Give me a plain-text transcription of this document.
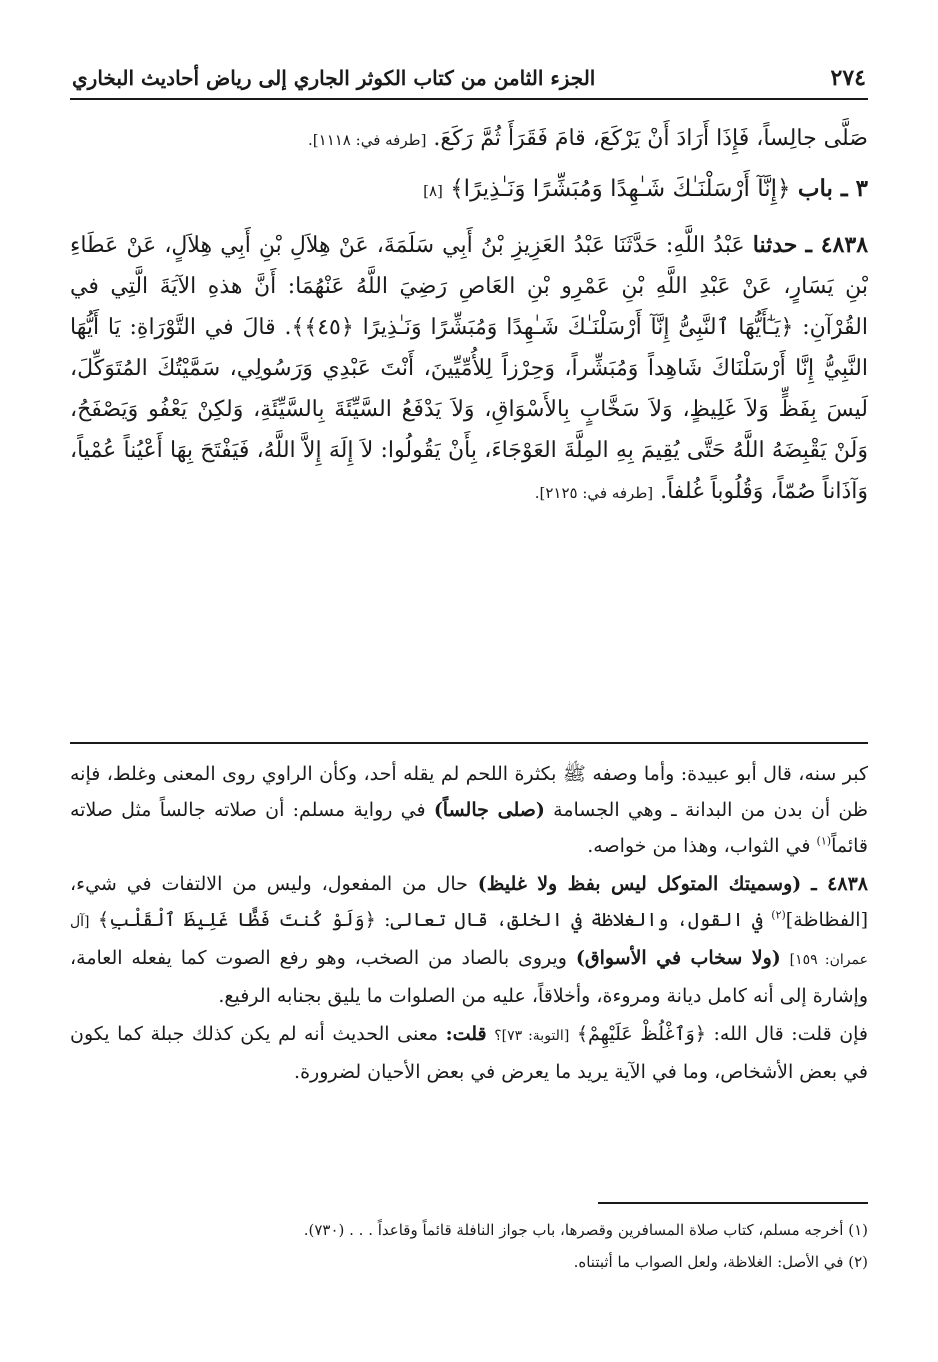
٢٧٤
الجزء الثامن من كتاب الكوثر الجاري إلى رياض أحاديث البخاري

صَلَّى جالِساً، فَإِذَا أَرَادَ أَنْ يَرْكَعَ، قامَ فَقَرَأَ ثُمَّ رَكَعَ. [طرفه في: ١١١٨].

٣ ـ باب ﴿إِنَّآ أَرْسَلْنَـٰكَ شَـٰهِدًا وَمُبَشِّرًا وَنَـٰذِيرًا﴾ [٨]

٤٨٣٨ ـ حدثنا عَبْدُ اللَّهِ: حَدَّثَنَا عَبْدُ العَزِيزِ بْنُ أَبِي سَلَمَةَ، عَنْ هِلاَلِ بْنِ أَبِي هِلاَلٍ، عَنْ عَطَاءِ بْنِ يَسَارٍ، عَنْ عَبْدِ اللَّهِ بْنِ عَمْرِو بْنِ العَاصِ رَضِيَ اللَّهُ عَنْهُمَا: أَنَّ هذهِ الآيَةَ الَّتِي في القُرْآنِ: ﴿يَـٰٓأَيُّهَا ٱلنَّبِىُّ إِنَّآ أَرْسَلْنَـٰكَ شَـٰهِدًا وَمُبَشِّرًا وَنَـٰذِيرًا ﴿٤٥﴾﴾. قالَ في التَّوْرَاةِ: يَا أَيُّهَا النَّبِيُّ إِنَّا أَرْسَلْنَاكَ شَاهِداً وَمُبَشِّراً، وَحِرْزاً لِلأُمِّيِّينَ، أَنْتَ عَبْدِي وَرَسُولِي، سَمَّيْتُكَ المُتَوَكِّلَ، لَيسَ بِفَظٍّ وَلاَ غَلِيظٍ، وَلاَ سَخَّابٍ بِالأَسْوَاقِ، وَلاَ يَدْفَعُ السَّيِّئَةَ بِالسَّيِّئَةِ، وَلكِنْ يَعْفُو وَيَصْفَحُ، وَلَنْ يَقْبِضَهُ اللَّهُ حَتَّى يُقِيمَ بِهِ المِلَّةَ العَوْجَاءَ، بِأَنْ يَقُولُوا: لاَ إِلَهَ إِلاَّ اللَّهُ، فَيَفْتَحَ بِهَا أَعْيُناً عُمْياً، وَآذَاناً صُمّاً، وَقُلُوباً غُلفاً. [طرفه في: ٢١٢٥].

كبر سنه، قال أبو عبيدة: وأما وصفه ﷺ بكثرة اللحم لم يقله أحد، وكأن الراوي روى المعنى وغلط، فإنه ظن أن بدن من البدانة ـ وهي الجسامة (صلى جالساً) في رواية مسلم: أن صلاته جالساً مثل صلاته قائماً$^{(١)}$ في الثواب، وهذا من خواصه.

٤٨٣٨ ـ (وسميتك المتوكل ليس بفظ ولا غليظ) حال من المفعول، وليس من الالتفات في شيء، [الفظاظة]$^{(٢)}$ في القول، والغلاظة في الخلق، قال تعالى: ﴿وَلَوْ كُنتَ فَظًّا غَلِيظَ ٱلْقَلْبِ﴾ [آل عمران: ١٥٩] (ولا سخاب في الأسواق) ويروى بالصاد من الصخب، وهو رفع الصوت كما يفعله العامة، وإشارة إلى أنه كامل ديانة ومروءة، وأخلاقاً، عليه من الصلوات ما يليق بجنابه الرفيع.

فإن قلت: قال الله: ﴿وَٱغْلُظْ عَلَيْهِمْ﴾ [التوبة: ٧٣]؟ قلت: معنى الحديث أنه لم يكن كذلك جبلة كما يكون في بعض الأشخاص، وما في الآية يريد ما يعرض في بعض الأحيان لضرورة.

(١) أخرجه مسلم، كتاب صلاة المسافرين وقصرها، باب جواز النافلة قائماً وقاعداً . . . (٧٣٠).

(٢) في الأصل: الغلاظة، ولعل الصواب ما أثبتناه.
